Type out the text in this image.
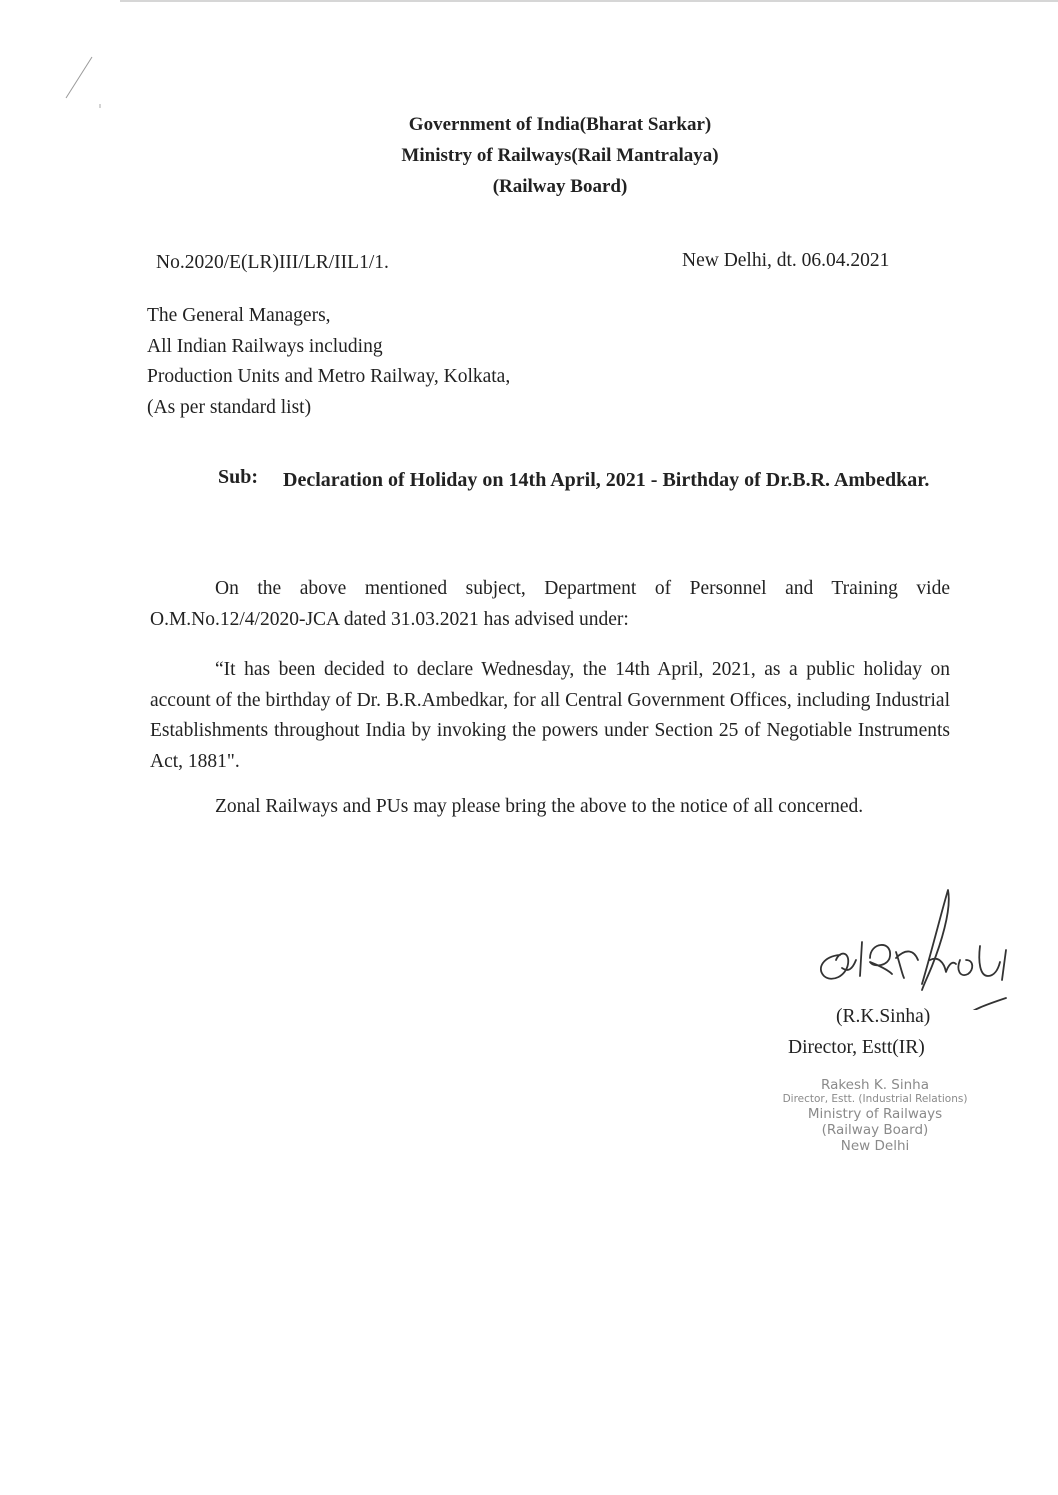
Government of India(Bharat Sarkar)
Ministry of Railways(Rail Mantralaya)
(Railway Board)
No.2020/E(LR)III/LR/IIL1/1.	New Delhi, dt. 06.04.2021
The General Managers,
All Indian Railways including
Production Units and Metro Railway, Kolkata,
(As per standard list)
Sub: Declaration of Holiday on 14th April, 2021 - Birthday of Dr.B.R. Ambedkar.
On the above mentioned subject, Department of Personnel and Training vide O.M.No.12/4/2020-JCA dated 31.03.2021 has advised under:
“It has been decided to declare Wednesday, the 14th April, 2021, as a public holiday on account of the birthday of Dr. B.R.Ambedkar, for all Central Government Offices, including Industrial Establishments throughout India by invoking the powers under Section 25 of Negotiable Instruments Act, 1881".
Zonal Railways and PUs may please bring the above to the notice of all concerned.
(R.K.Sinha)
Director, Estt(IR)
Rakesh K. Sinha
Director, Estt. (Industrial Relations)
Ministry of Railways
(Railway Board)
New Delhi
